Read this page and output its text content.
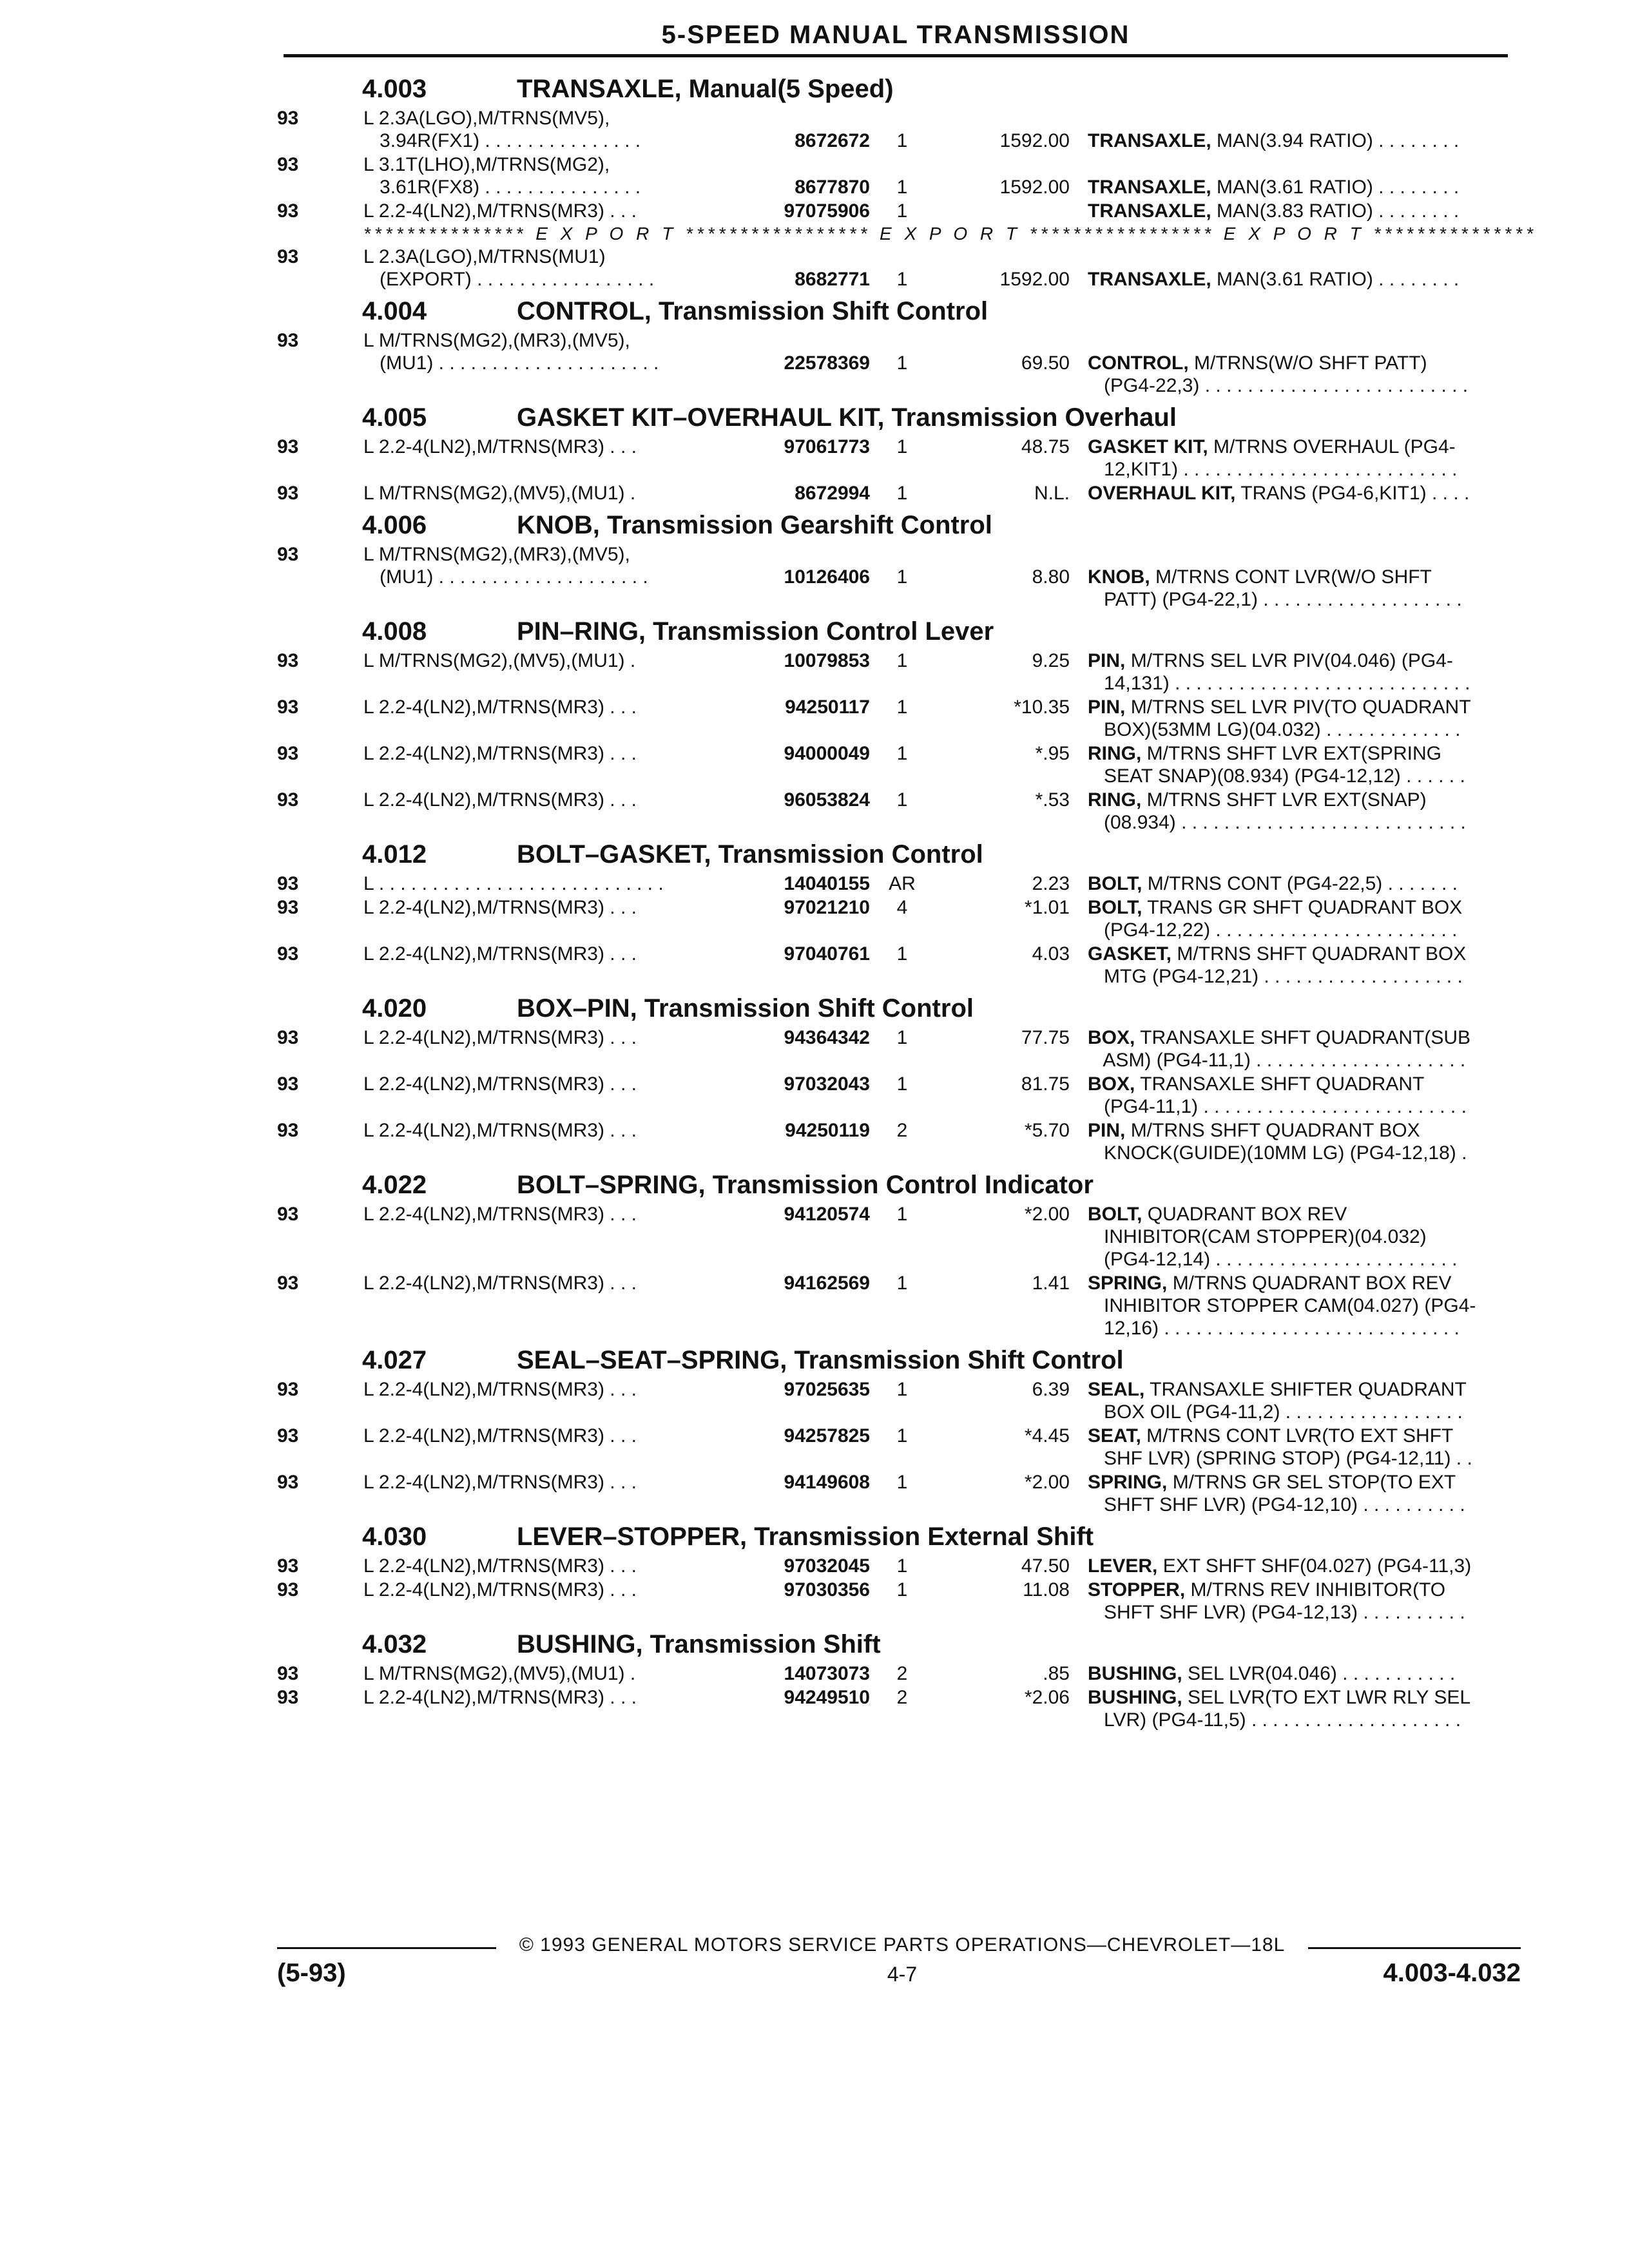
5-SPEED MANUAL TRANSMISSION
4.003	TRANSAXLE, Manual(5 Speed)
93	L 2.3A(LGO),M/TRNS(MV5),
3.94R(FX1) . . . . . . . . . . . . . . .	8672672	1	1592.00 TRANSAXLE, MAN(3.94 RATIO) . . . . . . . .
93	L 3.1T(LHO),M/TRNS(MG2),
3.61R(FX8) . . . . . . . . . . . . . . .	8677870	1	1592.00 TRANSAXLE, MAN(3.61 RATIO) . . . . . . . .
93	L 2.2-4(LN2),M/TRNS(MR3) . . .	97075906	1	TRANSAXLE, MAN(3.83 RATIO) . . . . . . . .
*************** E X P O R T ***************** E X P O R T ***************** E X P O R T ***************
93	L 2.3A(LGO),M/TRNS(MU1)
(EXPORT) . . . . . . . . . . . . . . . . .	8682771	1	1592.00 TRANSAXLE, MAN(3.61 RATIO) . . . . . . . .
4.004	CONTROL, Transmission Shift Control
93	L M/TRNS(MG2),(MR3),(MV5),
(MU1) . . . . . . . . . . . . . . . . . . . . .	22578369	1	69.50 CONTROL, M/TRNS(W/O SHFT PATT)
(PG4-22,3) . . . . . . . . . . . . . . . . . . . . . . . . .
4.005	GASKET KIT–OVERHAUL KIT, Transmission Overhaul
93	L 2.2-4(LN2),M/TRNS(MR3) . . .	97061773	1	48.75 GASKET KIT, M/TRNS OVERHAUL (PG4-
12,KIT1) . . . . . . . . . . . . . . . . . . . . . . . . . .
93	L M/TRNS(MG2),(MV5),(MU1) .	8672994	1	N.L. OVERHAUL KIT, TRANS (PG4-6,KIT1) . . . .
4.006	KNOB, Transmission Gearshift Control
93	L M/TRNS(MG2),(MR3),(MV5),
(MU1) . . . . . . . . . . . . . . . . . . . .	10126406	1	8.80 KNOB, M/TRNS CONT LVR(W/O SHFT
PATT) (PG4-22,1) . . . . . . . . . . . . . . . . . . .
4.008	PIN–RING, Transmission Control Lever
93	L M/TRNS(MG2),(MV5),(MU1) .	10079853	1	9.25 PIN, M/TRNS SEL LVR PIV(04.046) (PG4-
14,131) . . . . . . . . . . . . . . . . . . . . . . . . . . . .
93	L 2.2-4(LN2),M/TRNS(MR3) . . .	94250117	1	*10.35 PIN, M/TRNS SEL LVR PIV(TO QUADRANT
BOX)(53MM LG)(04.032) . . . . . . . . . . . . .
93	L 2.2-4(LN2),M/TRNS(MR3) . . .	94000049	1	*.95 RING, M/TRNS SHFT LVR EXT(SPRING
SEAT SNAP)(08.934) (PG4-12,12) . . . . . .
93	L 2.2-4(LN2),M/TRNS(MR3) . . .	96053824	1	*.53 RING, M/TRNS SHFT LVR EXT(SNAP)
(08.934) . . . . . . . . . . . . . . . . . . . . . . . . . . .
4.012	BOLT–GASKET, Transmission Control
93	L . . . . . . . . . . . . . . . . . . . . . . . . . . .	14040155 AR	2.23 BOLT, M/TRNS CONT (PG4-22,5) . . . . . . .
93	L 2.2-4(LN2),M/TRNS(MR3) . . .	97021210	4	*1.01 BOLT, TRANS GR SHFT QUADRANT BOX
(PG4-12,22) . . . . . . . . . . . . . . . . . . . . . . .
93	L 2.2-4(LN2),M/TRNS(MR3) . . .	97040761	1	4.03 GASKET, M/TRNS SHFT QUADRANT BOX
MTG (PG4-12,21) . . . . . . . . . . . . . . . . . . .
4.020	BOX–PIN, Transmission Shift Control
93	L 2.2-4(LN2),M/TRNS(MR3) . . .	94364342	1	77.75 BOX, TRANSAXLE SHFT QUADRANT(SUB
ASM) (PG4-11,1) . . . . . . . . . . . . . . . . . . . .
93	L 2.2-4(LN2),M/TRNS(MR3) . . .	97032043	1	81.75 BOX, TRANSAXLE SHFT QUADRANT
(PG4-11,1) . . . . . . . . . . . . . . . . . . . . . . . . .
93	L 2.2-4(LN2),M/TRNS(MR3) . . .	94250119	2	*5.70 PIN, M/TRNS SHFT QUADRANT BOX
KNOCK(GUIDE)(10MM LG) (PG4-12,18) .
4.022	BOLT–SPRING, Transmission Control Indicator
93	L 2.2-4(LN2),M/TRNS(MR3) . . .	94120574	1	*2.00 BOLT, QUADRANT BOX REV
INHIBITOR(CAM STOPPER)(04.032)
(PG4-12,14) . . . . . . . . . . . . . . . . . . . . . . .
93	L 2.2-4(LN2),M/TRNS(MR3) . . .	94162569	1	1.41 SPRING, M/TRNS QUADRANT BOX REV
INHIBITOR STOPPER CAM(04.027) (PG4-
12,16) . . . . . . . . . . . . . . . . . . . . . . . . . . . .
4.027	SEAL–SEAT–SPRING, Transmission Shift Control
93	L 2.2-4(LN2),M/TRNS(MR3) . . .	97025635	1	6.39 SEAL, TRANSAXLE SHIFTER QUADRANT
BOX OIL (PG4-11,2) . . . . . . . . . . . . . . . . .
93	L 2.2-4(LN2),M/TRNS(MR3) . . .	94257825	1	*4.45 SEAT, M/TRNS CONT LVR(TO EXT SHFT
SHF LVR) (SPRING STOP) (PG4-12,11) . .
93	L 2.2-4(LN2),M/TRNS(MR3) . . .	94149608	1	*2.00 SPRING, M/TRNS GR SEL STOP(TO EXT
SHFT SHF LVR) (PG4-12,10) . . . . . . . . . .
4.030	LEVER–STOPPER, Transmission External Shift
93	L 2.2-4(LN2),M/TRNS(MR3) . . .	97032045	1	47.50 LEVER, EXT SHFT SHF(04.027) (PG4-11,3)
93	L 2.2-4(LN2),M/TRNS(MR3) . . .	97030356	1	11.08 STOPPER, M/TRNS REV INHIBITOR(TO
SHFT SHF LVR) (PG4-12,13) . . . . . . . . . .
4.032	BUSHING, Transmission Shift
93	L M/TRNS(MG2),(MV5),(MU1) .	14073073	2	.85 BUSHING, SEL LVR(04.046) . . . . . . . . . . .
93	L 2.2-4(LN2),M/TRNS(MR3) . . .	94249510	2	*2.06 BUSHING, SEL LVR(TO EXT LWR RLY SEL
LVR) (PG4-11,5) . . . . . . . . . . . . . . . . . . . .
© 1993 GENERAL MOTORS SERVICE PARTS OPERATIONS—CHEVROLET—18L
(5-93)	4-7	4.003-4.032
